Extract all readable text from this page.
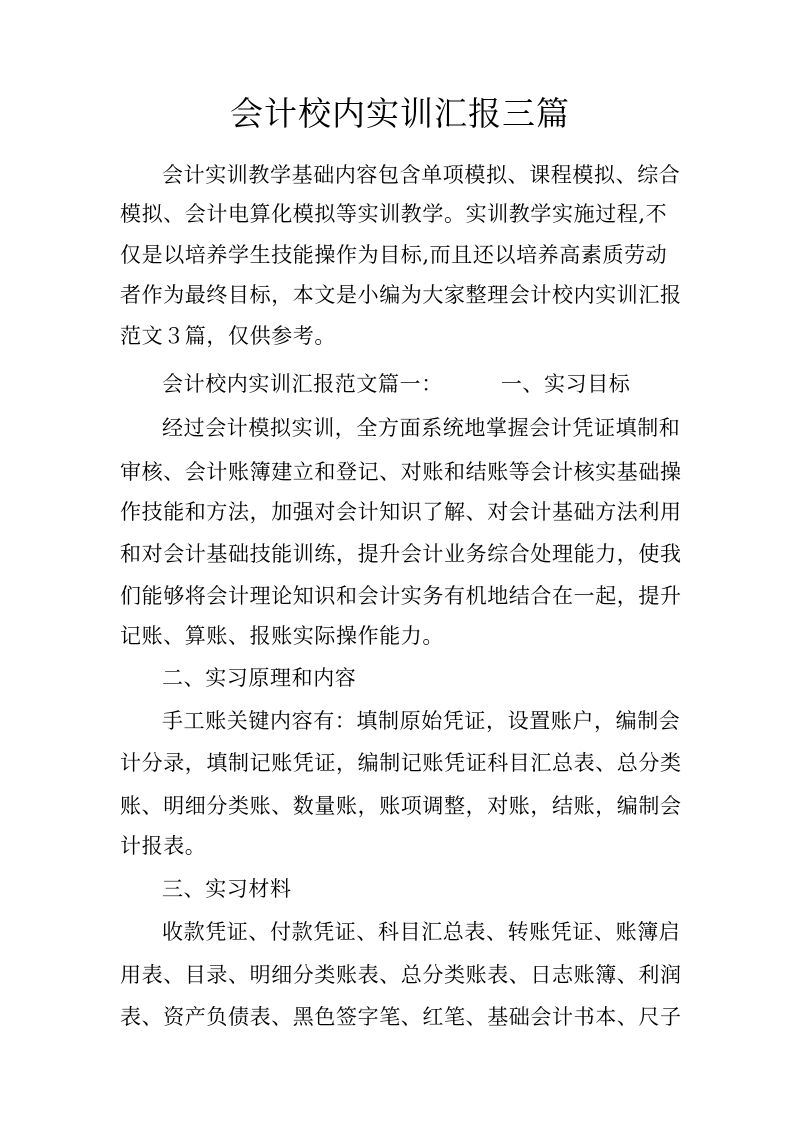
会计校内实训汇报三篇

会计实训教学基础内容包含单项模拟、课程模拟、综合

模拟、会计电算化模拟等实训教学。实训教学实施过程,不

仅是以培养学生技能操作为目标,而且还以培养高素质劳动

者作为最终目标，本文是小编为大家整理会计校内实训汇报

范文３篇，仅供参考。

会计校内实训汇报范文篇一：	一、实习目标

经过会计模拟实训，全方面系统地掌握会计凭证填制和

审核、会计账簿建立和登记、对账和结账等会计核实基础操

作技能和方法，加强对会计知识了解、对会计基础方法利用

和对会计基础技能训练，提升会计业务综合处理能力，使我

们能够将会计理论知识和会计实务有机地结合在一起，提升

记账、算账、报账实际操作能力。

二、实习原理和内容

手工账关键内容有：填制原始凭证，设置账户，编制会

计分录，填制记账凭证，编制记账凭证科目汇总表、总分类

账、明细分类账、数量账，账项调整，对账，结账，编制会

计报表。

三、实习材料

收款凭证、付款凭证、科目汇总表、转账凭证、账簿启

用表、目录、明细分类账表、总分类账表、日志账簿、利润

表、资产负债表、黑色签字笔、红笔、基础会计书本、尺子
